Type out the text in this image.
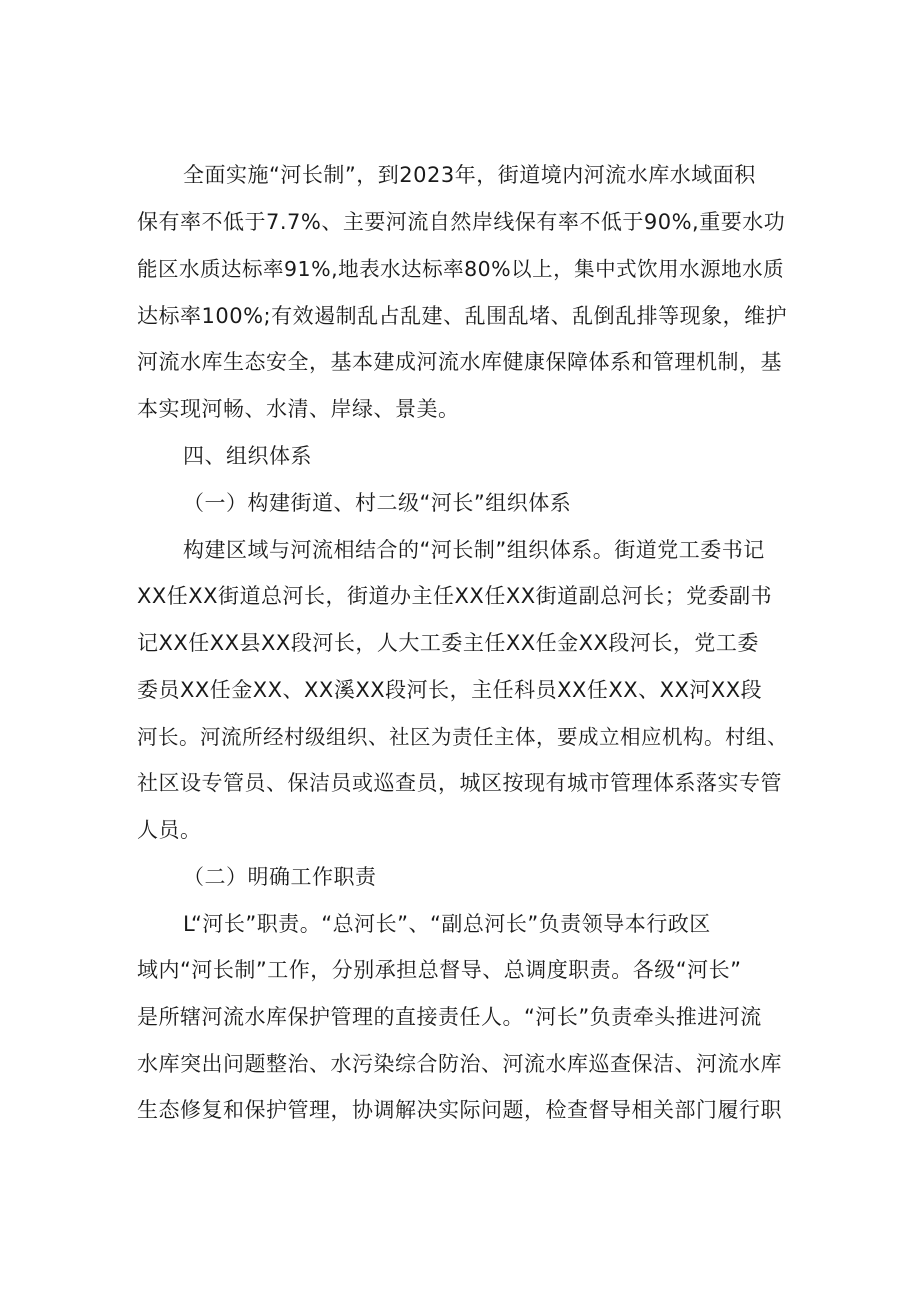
全面实施“河长制”，到2023年，街道境内河流水库水域面积
保有率不低于7.7%、主要河流自然岸线保有率不低于90%,重要水功
能区水质达标率91%,地表水达标率80%以上，集中式饮用水源地水质
达标率100%;有效遏制乱占乱建、乱围乱堵、乱倒乱排等现象，维护
河流水库生态安全，基本建成河流水库健康保障体系和管理机制，基
本实现河畅、水清、岸绿、景美。
四、组织体系
（一）构建街道、村二级“河长”组织体系
构建区域与河流相结合的“河长制”组织体系。街道党工委书记
XX任XX街道总河长，街道办主任XX任XX街道副总河长；党委副书
记XX任XX县XX段河长，人大工委主任XX任金XX段河长，党工委
委员XX任金XX、XX溪XX段河长，主任科员XX任XX、XX河XX段
河长。河流所经村级组织、社区为责任主体，要成立相应机构。村组、
社区设专管员、保洁员或巡查员，城区按现有城市管理体系落实专管
人员。
（二）明确工作职责
L“河长”职责。“总河长”、“副总河长”负责领导本行政区
域内“河长制”工作，分别承担总督导、总调度职责。各级“河长”
是所辖河流水库保护管理的直接责任人。“河长”负责牵头推进河流
水库突出问题整治、水污染综合防治、河流水库巡查保洁、河流水库
生态修复和保护管理，协调解决实际问题，检查督导相关部门履行职
